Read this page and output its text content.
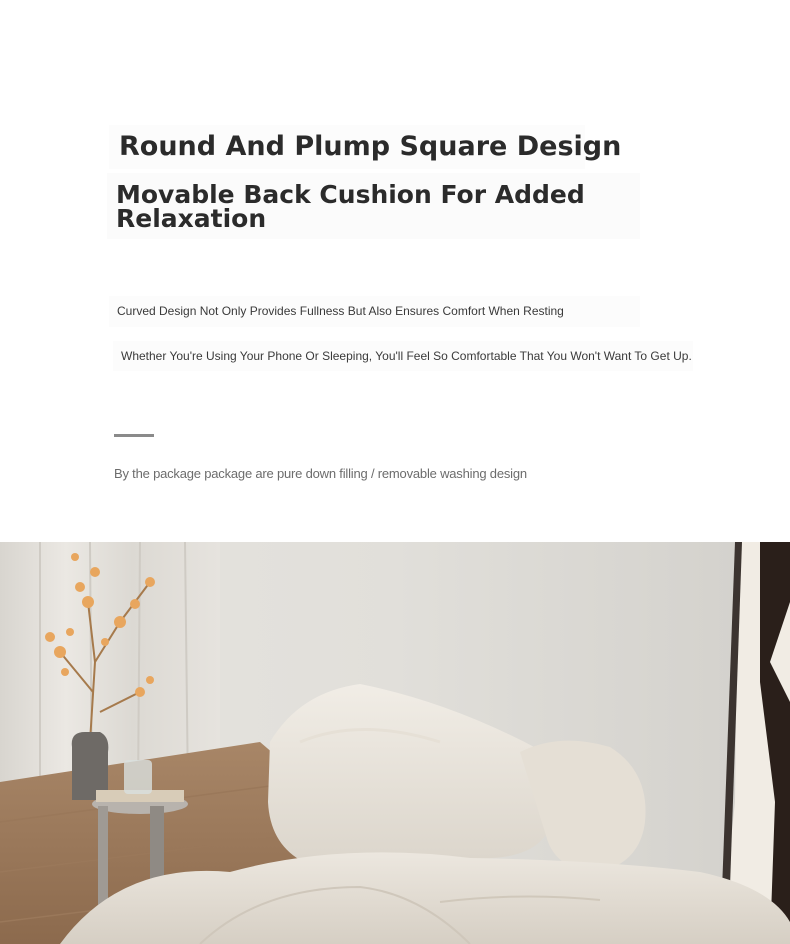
Round And Plump Square Design
Movable Back Cushion For Added Relaxation
Curved Design Not Only Provides Fullness But Also Ensures Comfort When Resting
Whether You're Using Your Phone Or Sleeping, You'll Feel So Comfortable That You Won't Want To Get Up.
By the package package are pure down filling / removable washing design
